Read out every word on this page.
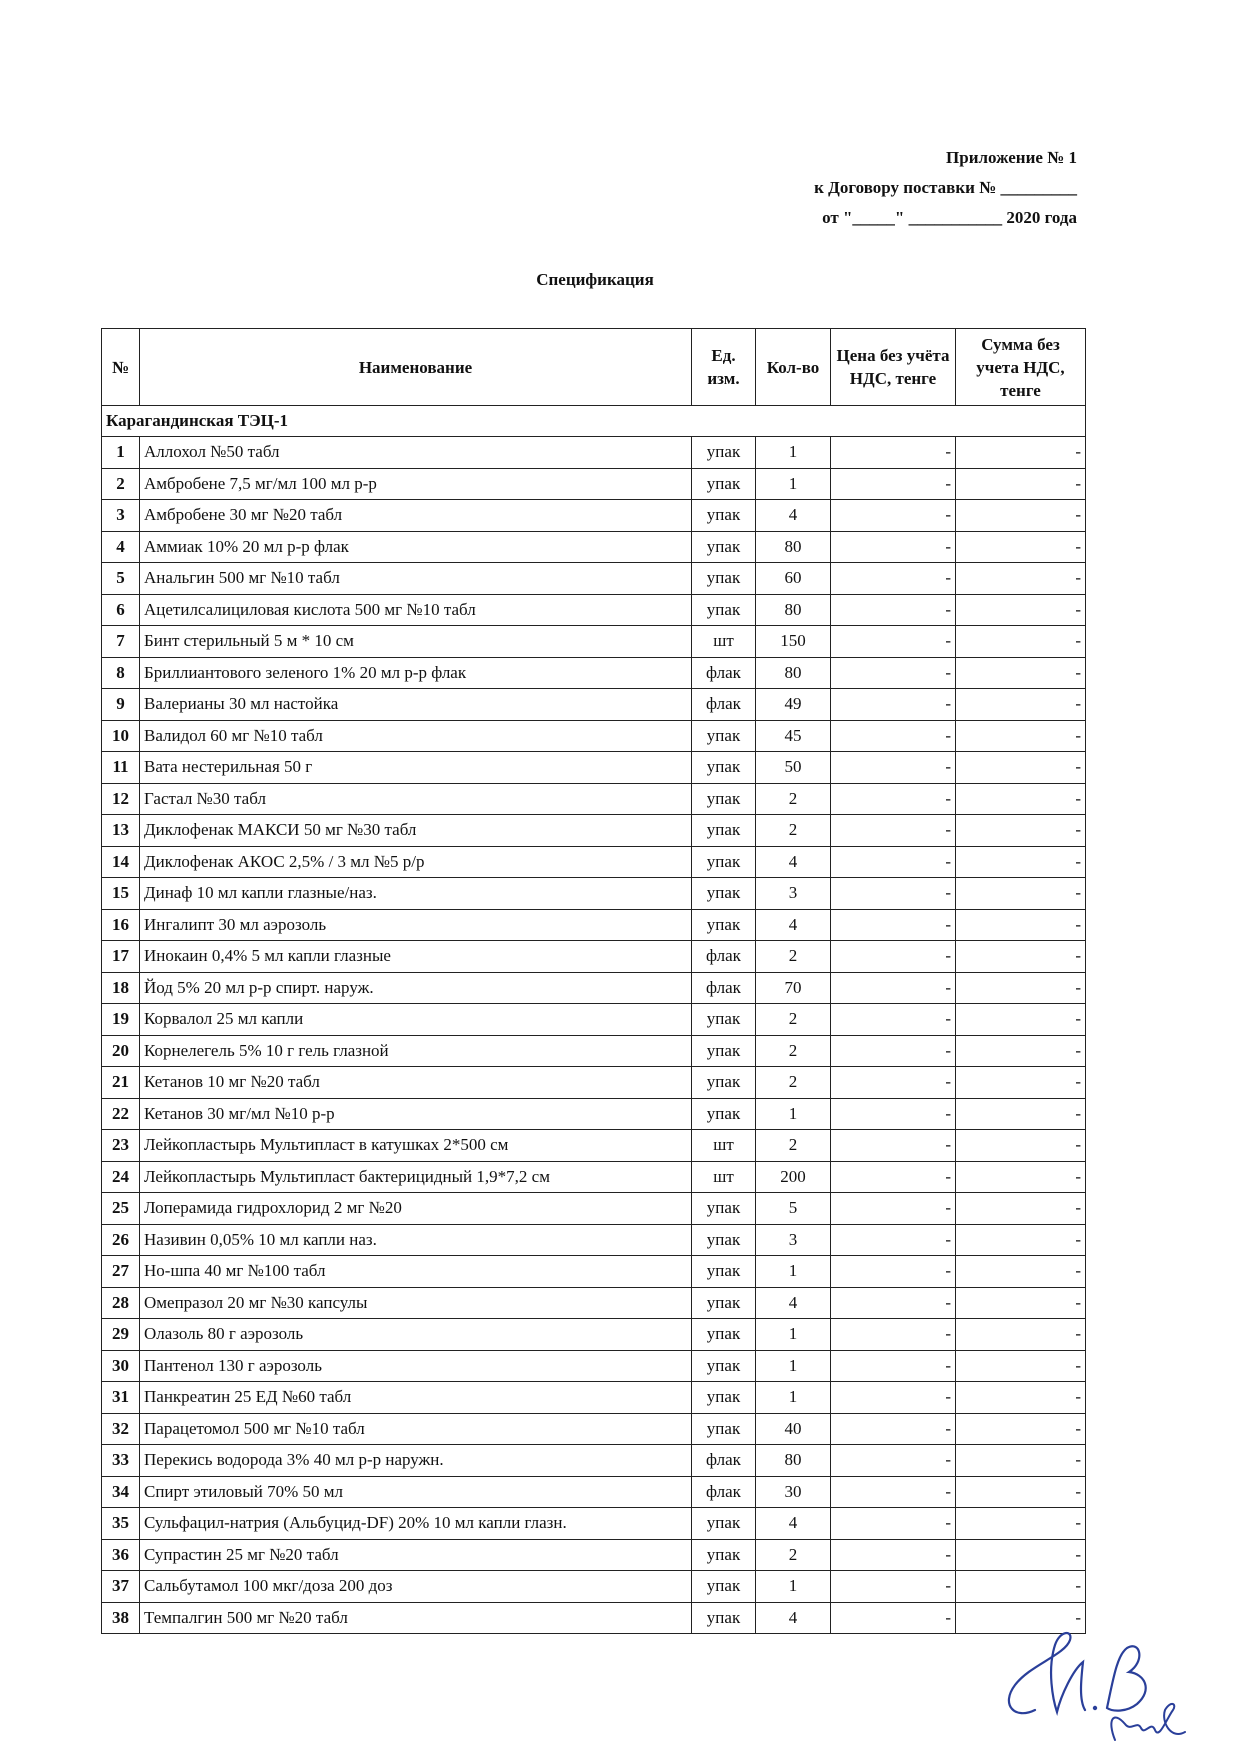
Приложение № 1
к Договору поставки № _________
от "_____" ___________ 2020 года
Спецификация
№	Наименование	Ед. изм.	Кол-во	Цена без учёта НДС, тенге	Сумма без учета НДС, тенге
Карагандинская ТЭЦ-1					
1	Аллохол №50 табл	упак	1	-	-
2	Амбробене 7,5 мг/мл 100 мл р-р	упак	1	-	-
3	Амбробене 30 мг №20 табл	упак	4	-	-
4	Аммиак 10% 20 мл р-р флак	упак	80	-	-
5	Анальгин 500 мг №10 табл	упак	60	-	-
6	Ацетилсалициловая кислота 500 мг №10 табл	упак	80	-	-
7	Бинт стерильный 5 м * 10 см	шт	150	-	-
8	Бриллиантового зеленого 1% 20 мл р-р флак	флак	80	-	-
9	Валерианы 30 мл настойка	флак	49	-	-
10	Валидол 60 мг №10 табл	упак	45	-	-
11	Вата нестерильная 50 г	упак	50	-	-
12	Гастал №30 табл	упак	2	-	-
13	Диклофенак МАКСИ 50 мг №30 табл	упак	2	-	-
14	Диклофенак АКОС 2,5% / 3 мл №5 р/р	упак	4	-	-
15	Динаф 10 мл капли глазные/наз.	упак	3	-	-
16	Ингалипт 30 мл аэрозоль	упак	4	-	-
17	Инокаин 0,4% 5 мл капли глазные	флак	2	-	-
18	Йод 5% 20 мл р-р спирт. наруж.	флак	70	-	-
19	Корвалол 25 мл капли	упак	2	-	-
20	Корнелегель 5% 10 г гель глазной	упак	2	-	-
21	Кетанов 10 мг №20 табл	упак	2	-	-
22	Кетанов 30 мг/мл №10 р-р	упак	1	-	-
23	Лейкопластырь Мультипласт в катушках 2*500 см	шт	2	-	-
24	Лейкопластырь Мультипласт бактерицидный 1,9*7,2 см	шт	200	-	-
25	Лоперамида гидрохлорид 2 мг №20	упак	5	-	-
26	Називин 0,05% 10 мл капли наз.	упак	3	-	-
27	Но-шпа 40 мг №100 табл	упак	1	-	-
28	Омепразол 20 мг №30 капсулы	упак	4	-	-
29	Олазоль 80 г аэрозоль	упак	1	-	-
30	Пантенол 130 г аэрозоль	упак	1	-	-
31	Панкреатин 25 ЕД №60 табл	упак	1	-	-
32	Парацетомол 500 мг №10 табл	упак	40	-	-
33	Перекись водорода 3% 40 мл р-р наружн.	флак	80	-	-
34	Спирт этиловый 70% 50 мл	флак	30	-	-
35	Сульфацил-натрия (Альбуцид-DF) 20% 10 мл капли глазн.	упак	4	-	-
36	Супрастин 25 мг №20 табл	упак	2	-	-
37	Сальбутамол 100 мкг/доза 200 доз	упак	1	-	-
38	Темпалгин 500 мг №20 табл	упак	4	-	-
